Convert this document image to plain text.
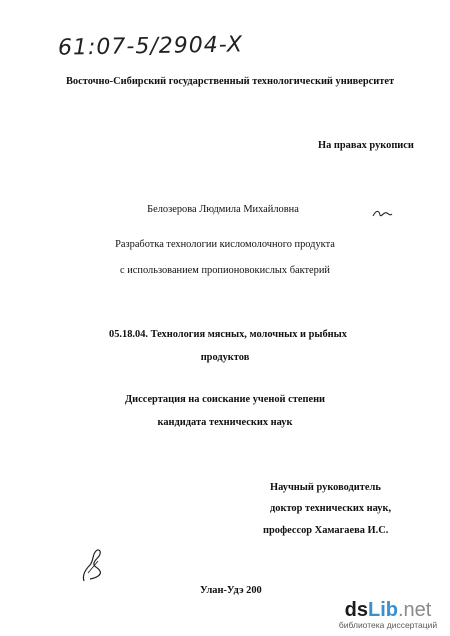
61:07-5/2904-X
Восточно-Сибирский государственный технологический университет
На правах рукописи
Белозерова Людмила Михайловна
Разработка технологии кисломолочного продукта
с использованием пропионовокислых бактерий
05.18.04. Технология мясных, молочных и рыбных
продуктов
Диссертация на соискание ученой степени
кандидата технических наук
Научный руководитель
доктор технических наук,
профессор Хамагаева И.С.
Улан-Удэ 200
dsLib.net
библиотека диссертаций
